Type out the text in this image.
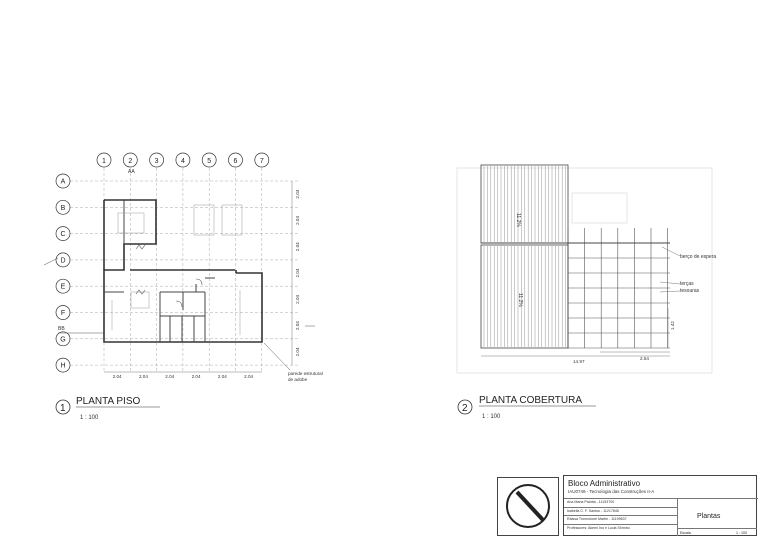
1	2	3	4	5	6	7
A
B
C
D
E
F
G
H
2.04	2.04	2.04	2.04	2.04	2.04
2.04
2.04
2.04
2.04
2.04
2.04
2.04
AA
BB
parede estrutural
de adobe
1
PLANTA PISO
1 : 100
11.2%
11.2%
berço de espera
terças
tesouras
14.97
2.54
1.42
2
PLANTA COBERTURA
1 : 100
Bloco Administrativo
IAU0749 - Tecnologia das Construções II-A
Ana Maria Palotta - 11193700
Isabella C. F. Santos - 11217845
Raissa Tronnolone Martin - 11199637
Professores: Akemi Ino e Lucia Shimbo
Plantas
Escala	1 : 100
